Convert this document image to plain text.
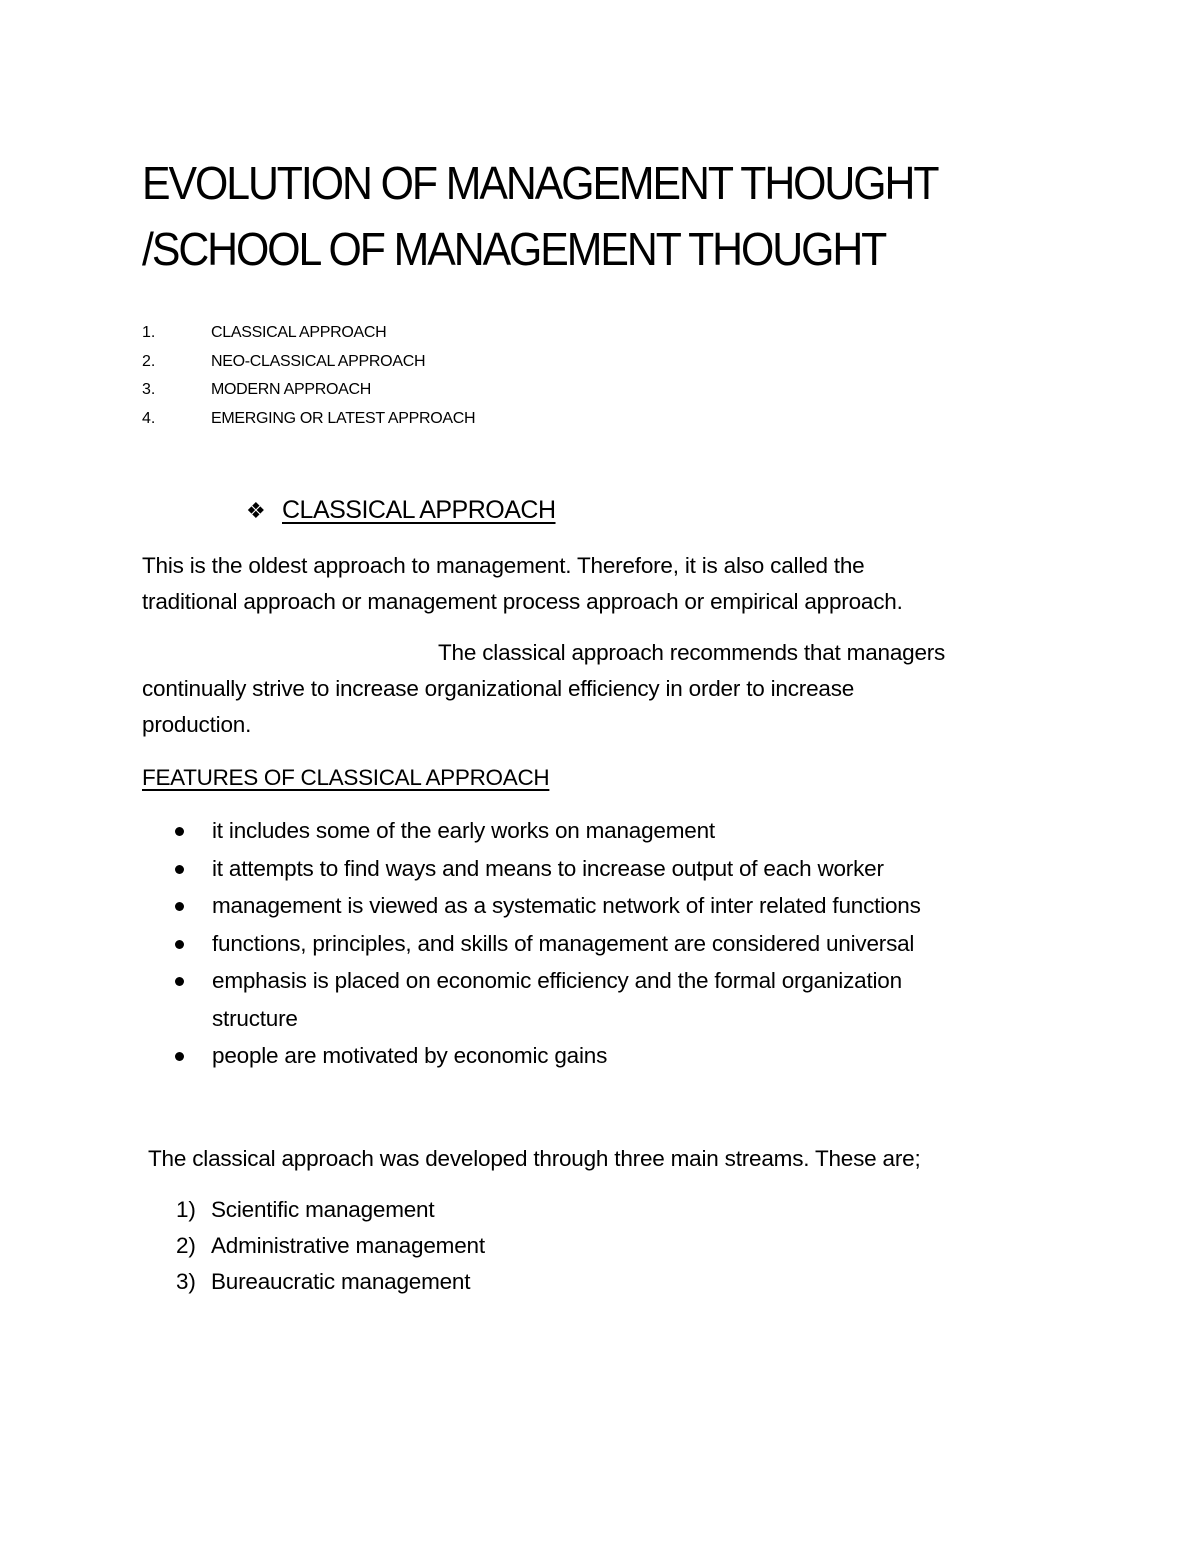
EVOLUTION OF MANAGEMENT THOUGHT
/SCHOOL OF MANAGEMENT THOUGHT
1.	CLASSICAL APPROACH
2.	NEO-CLASSICAL APPROACH
3.	MODERN APPROACH
4.	EMERGING OR LATEST APPROACH
❖ CLASSICAL APPROACH

This is the oldest approach to management. Therefore, it is also called the
traditional approach or management process approach or empirical approach.

The classical approach recommends that managers
continually strive to increase organizational efficiency in order to increase
production.

FEATURES OF CLASSICAL APPROACH
it includes some of the early works on management
it attempts to find ways and means to increase output of each worker
management is viewed as a systematic network of inter related functions
functions, principles, and skills of management are considered universal
emphasis is placed on economic efficiency and the formal organization
structure
people are motivated by economic gains

The classical approach was developed through three main streams. These are;

1) Scientific management
2) Administrative management
3) Bureaucratic management
